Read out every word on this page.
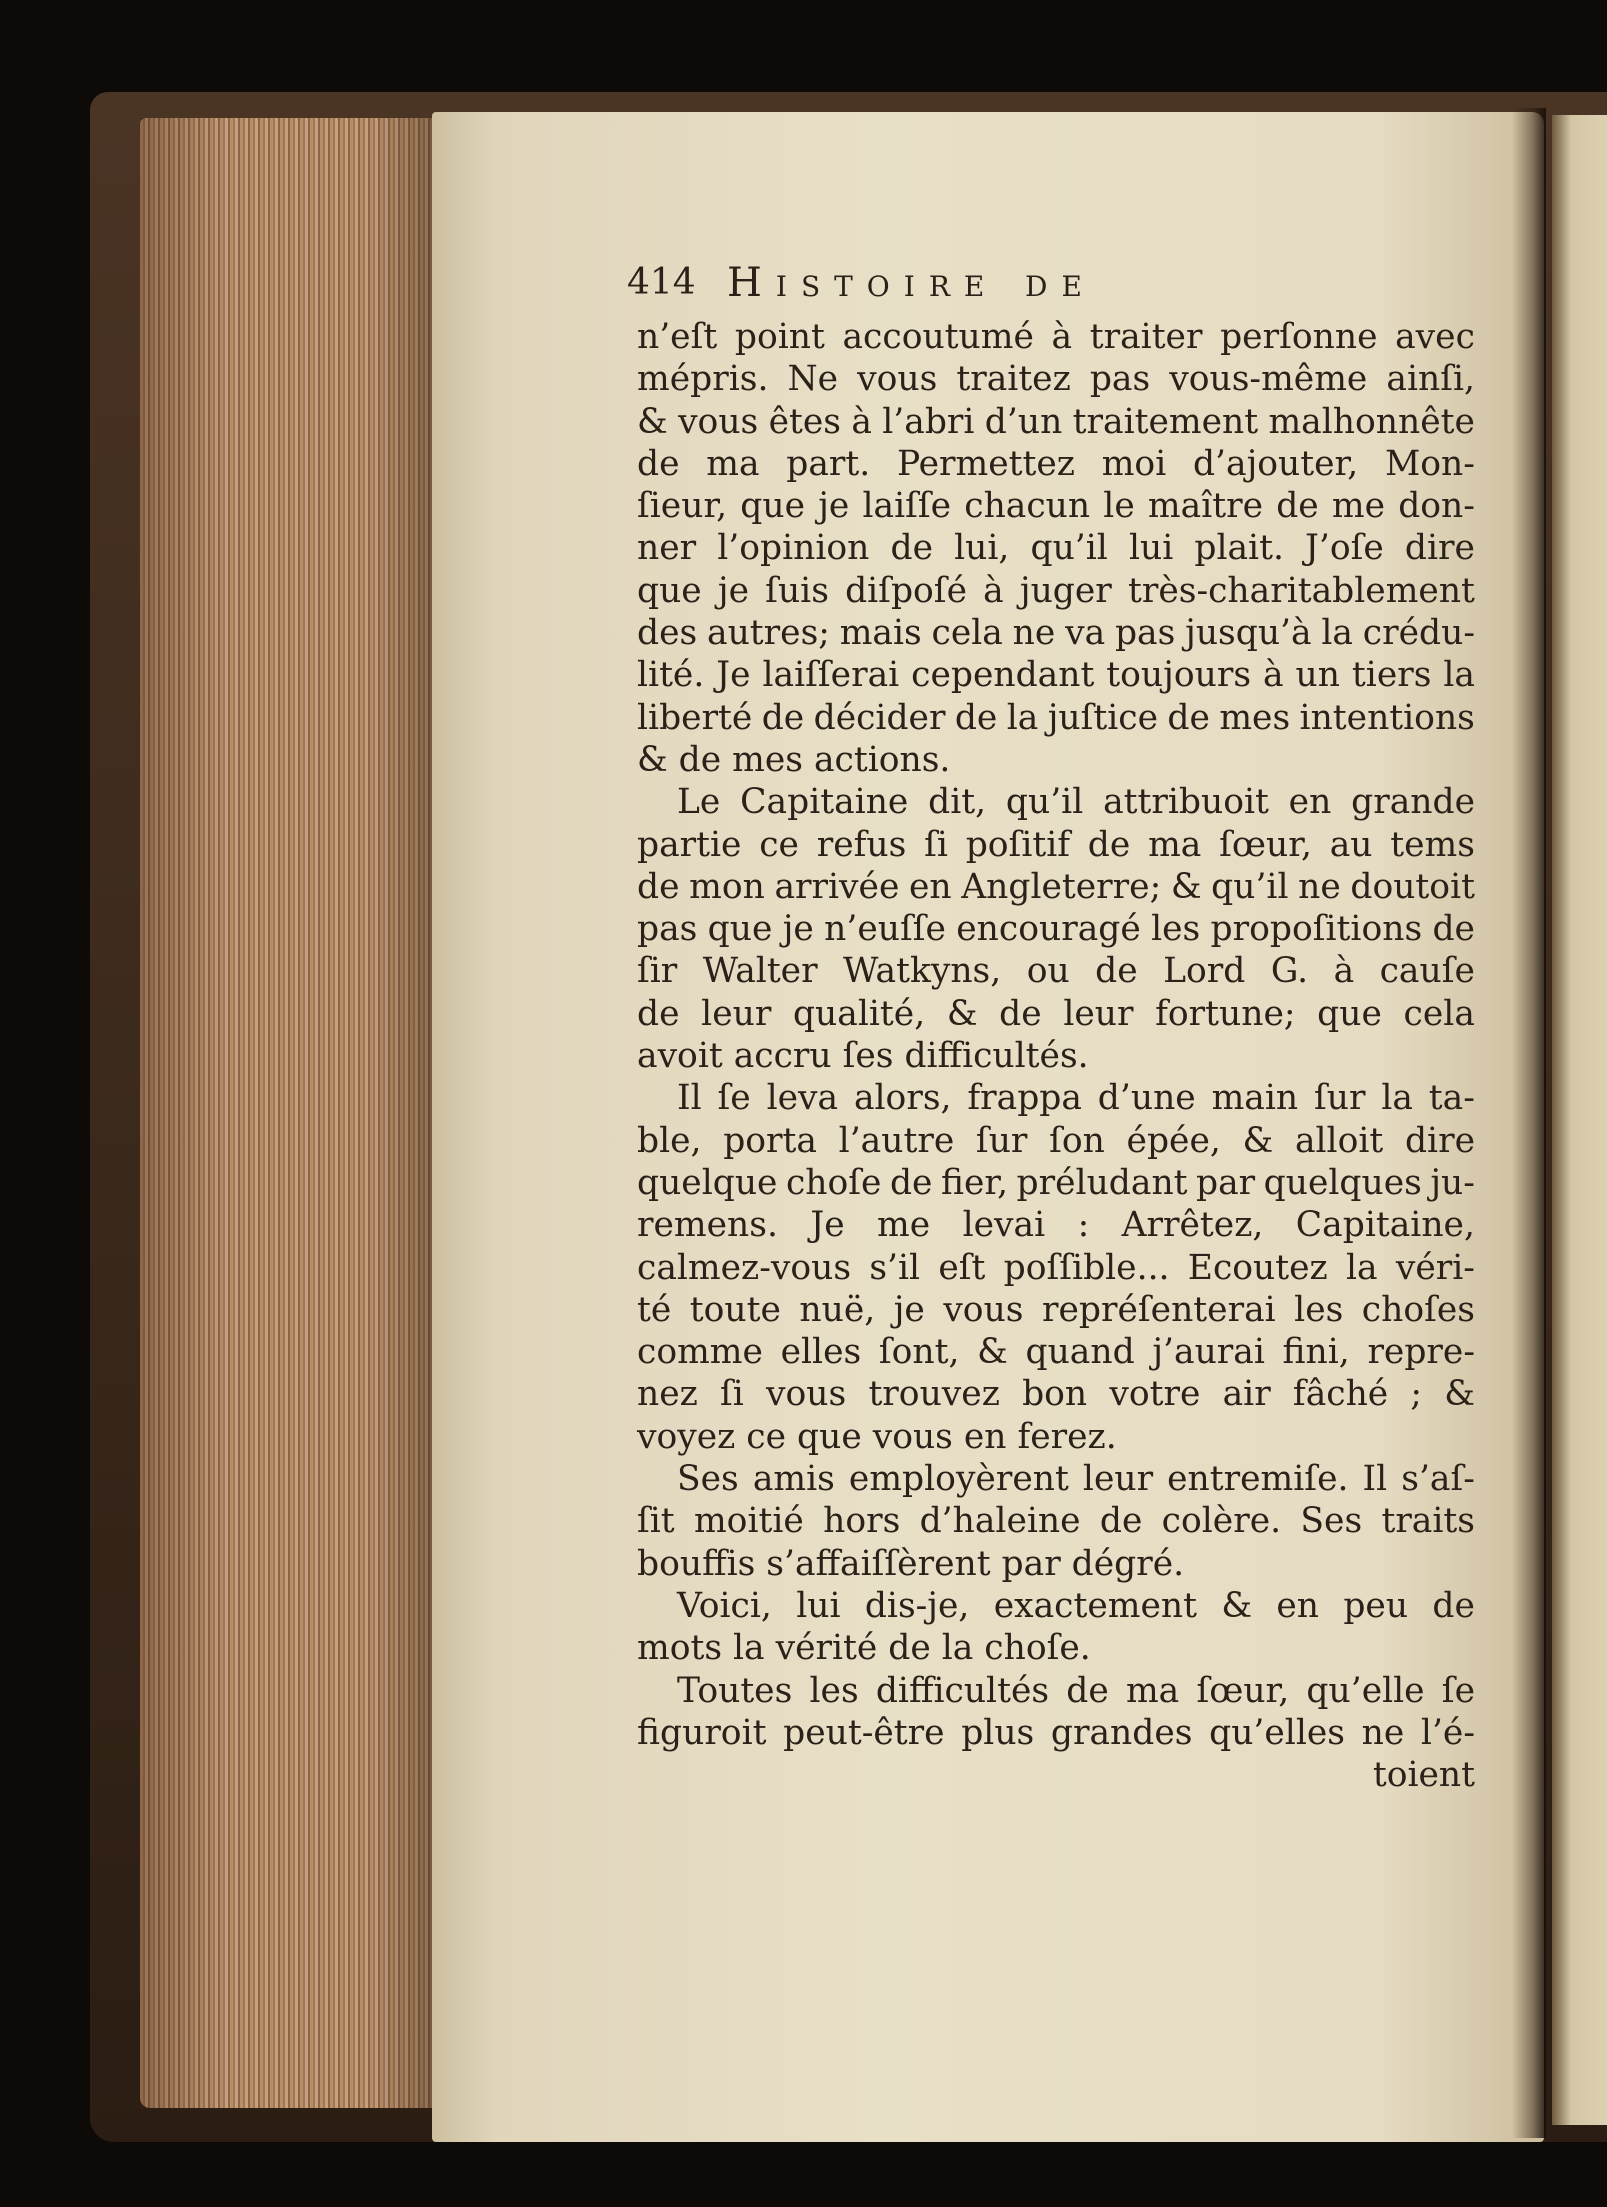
414 Histoire de
n’eſt point accoutumé à traiter perſonne avec
mépris. Ne vous traitez pas vous-même ainſi,
& vous êtes à l’abri d’un traitement malhonnête
de ma part. Permettez moi d’ajouter, Mon-
ſieur, que je laiſſe chacun le maître de me don-
ner l’opinion de lui, qu’il lui plait. J’oſe dire
que je ſuis diſpoſé à juger très-charitablement
des autres; mais cela ne va pas jusqu’à la crédu-
lité. Je laiſſerai cependant toujours à un tiers la
liberté de décider de la juſtice de mes intentions
& de mes actions.
Le Capitaine dit, qu’il attribuoit en grande
partie ce refus ſi poſitif de ma ſœur, au tems
de mon arrivée en Angleterre; & qu’il ne doutoit
pas que je n’euſſe encouragé les propoſitions de
ſir Walter Watkyns, ou de Lord G. à cauſe
de leur qualité, & de leur fortune; que cela
avoit accru ſes difficultés.
Il ſe leva alors, frappa d’une main ſur la ta-
ble, porta l’autre ſur ſon épée, & alloit dire
quelque choſe de fier, préludant par quelques ju-
remens. Je me levai : Arrêtez, Capitaine,
calmez-vous s’il eſt poſſible... Ecoutez la véri-
té toute nuë, je vous repréſenterai les choſes
comme elles ſont, & quand j’aurai fini, repre-
nez ſi vous trouvez bon votre air fâché ; &
voyez ce que vous en ferez.
Ses amis employèrent leur entremiſe. Il s’aſ-
ſit moitié hors d’haleine de colère. Ses traits
bouffis s’affaiſſèrent par dégré.
Voici, lui dis-je, exactement & en peu de
mots la vérité de la choſe.
Toutes les difficultés de ma ſœur, qu’elle ſe
figuroit peut-être plus grandes qu’elles ne l’é-
toient
